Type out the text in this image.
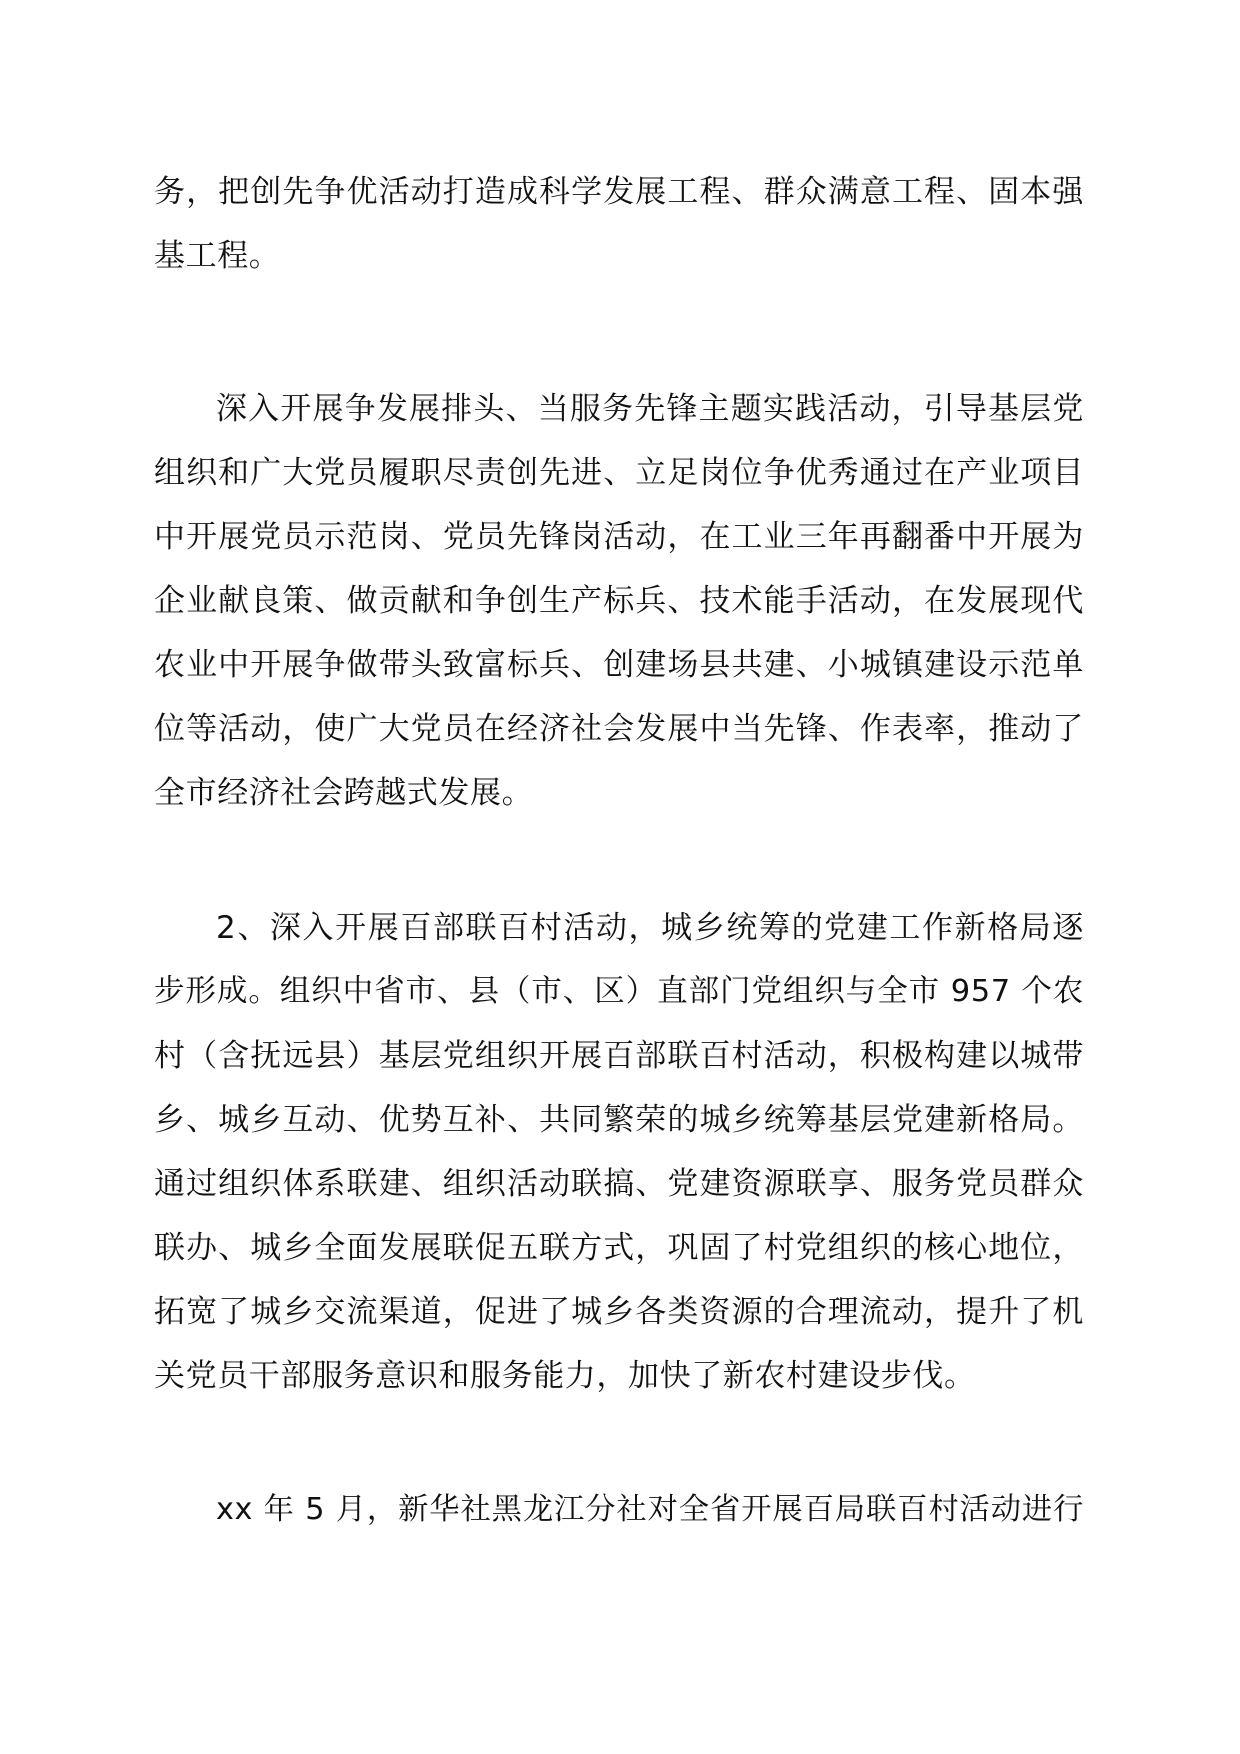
务，把创先争优活动打造成科学发展工程、群众满意工程、固本强
基工程。
深入开展争发展排头、当服务先锋主题实践活动，引导基层党
组织和广大党员履职尽责创先进、立足岗位争优秀通过在产业项目
中开展党员示范岗、党员先锋岗活动，在工业三年再翻番中开展为
企业献良策、做贡献和争创生产标兵、技术能手活动，在发展现代
农业中开展争做带头致富标兵、创建场县共建、小城镇建设示范单
位等活动，使广大党员在经济社会发展中当先锋、作表率，推动了
全市经济社会跨越式发展。
2、深入开展百部联百村活动，城乡统筹的党建工作新格局逐
步形成。组织中省市、县（市、区）直部门党组织与全市 957 个农
村（含抚远县）基层党组织开展百部联百村活动，积极构建以城带
乡、城乡互动、优势互补、共同繁荣的城乡统筹基层党建新格局。
通过组织体系联建、组织活动联搞、党建资源联享、服务党员群众
联办、城乡全面发展联促五联方式，巩固了村党组织的核心地位，
拓宽了城乡交流渠道，促进了城乡各类资源的合理流动，提升了机
关党员干部服务意识和服务能力，加快了新农村建设步伐。
xx 年 5 月，新华社黑龙江分社对全省开展百局联百村活动进行
